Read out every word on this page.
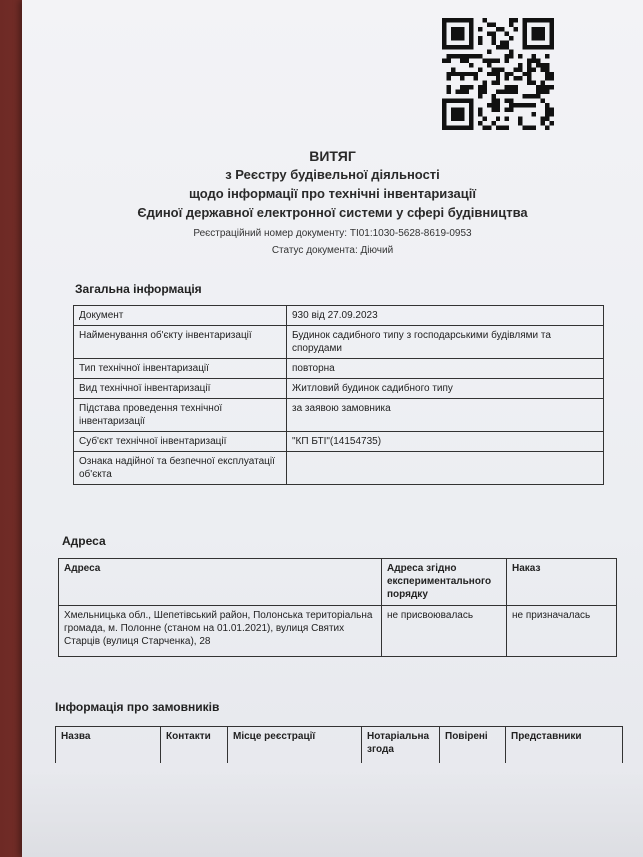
ВИТЯГ
з Реєстру будівельної діяльності
щодо інформації про технічні інвентаризації
Єдиної державної електронної системи у сфері будівництва
Реєстраційний номер документу: ТІ01:1030-5628-8619-0953
Статус документа: Діючий
Загальна інформація
Документ	930 від 27.09.2023
Найменування об'єкту інвентаризації	Будинок садибного типу з господарськими будівлями та спорудами
Тип технічної інвентаризації	повторна
Вид технічної інвентаризації	Житловий будинок садибного типу
Підстава проведення технічної інвентаризації	за заявою замовника
Суб'єкт технічної інвентаризації	"КП БТІ"(14154735)
Ознака надійної та безпечної експлуатації об'єкта	
Адреса
Адреса	Адреса згідно експериментального порядку	Наказ
Хмельницька обл., Шепетівський район, Полонська територіальна громада, м. Полонне (станом на 01.01.2021), вулиця Святих Старців (вулиця Старченка), 28	не присвоювалась	не призначалась
Інформація про замовників
Назва	Контакти	Місце реєстрації	Нотаріальна згода	Повірені	Представники
